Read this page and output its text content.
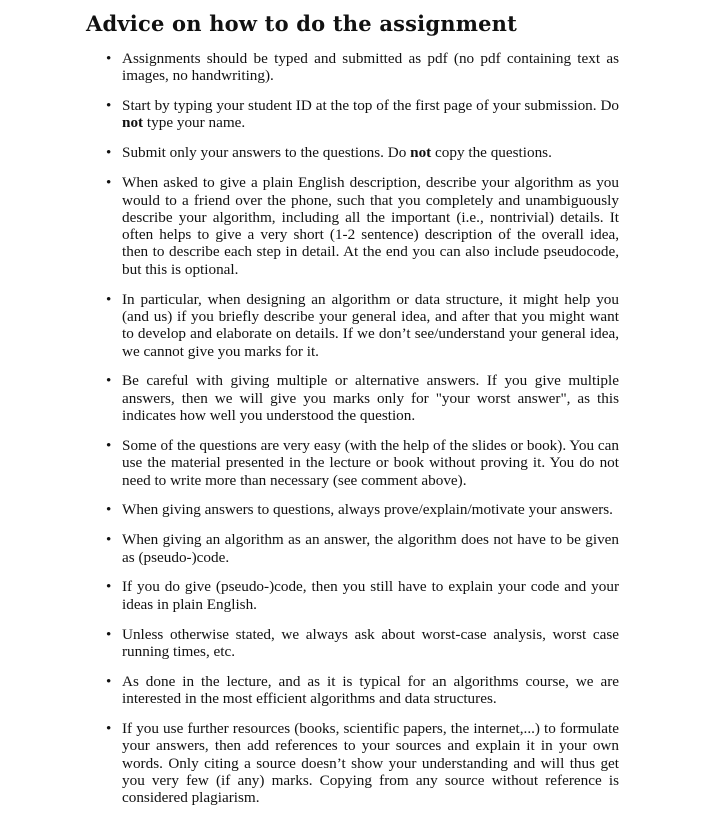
Advice on how to do the assignment
• Assignments should be typed and submitted as pdf (no pdf containing text as images, no handwriting).
• Start by typing your student ID at the top of the first page of your submission. Do not type your name.
• Submit only your answers to the questions. Do not copy the questions.
• When asked to give a plain English description, describe your algorithm as you would to a friend over the phone, such that you completely and unambiguously describe your algorithm, including all the important (i.e., nontrivial) details. It often helps to give a very short (1-2 sentence) description of the overall idea, then to describe each step in detail. At the end you can also include pseudocode, but this is optional.
• In particular, when designing an algorithm or data structure, it might help you (and us) if you briefly describe your general idea, and after that you might want to develop and elaborate on details. If we don’t see/understand your general idea, we cannot give you marks for it.
• Be careful with giving multiple or alternative answers. If you give multiple answers, then we will give you marks only for "your worst answer", as this indicates how well you understood the question.
• Some of the questions are very easy (with the help of the slides or book). You can use the material presented in the lecture or book without proving it. You do not need to write more than necessary (see comment above).
• When giving answers to questions, always prove/explain/motivate your answers.
• When giving an algorithm as an answer, the algorithm does not have to be given as (pseudo-)code.
• If you do give (pseudo-)code, then you still have to explain your code and your ideas in plain English.
• Unless otherwise stated, we always ask about worst-case analysis, worst case running times, etc.
• As done in the lecture, and as it is typical for an algorithms course, we are interested in the most efficient algorithms and data structures.
• If you use further resources (books, scientific papers, the internet,...) to formulate your answers, then add references to your sources and explain it in your own words. Only citing a source doesn’t show your understanding and will thus get you very few (if any) marks. Copying from any source without reference is considered plagiarism.
